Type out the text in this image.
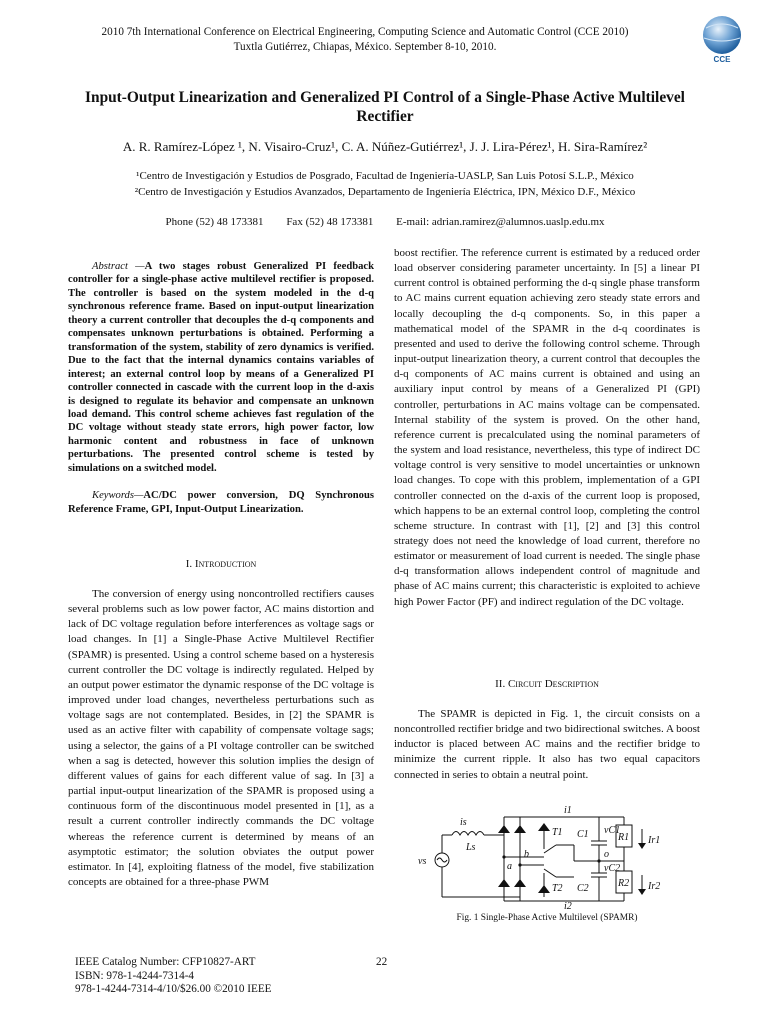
2010 7th International Conference on Electrical Engineering, Computing Science and Automatic Control (CCE 2010)
Tuxtla Gutiérrez, Chiapas, México. September 8-10, 2010.
CCE
Input-Output Linearization and Generalized PI Control of a Single-Phase Active Multilevel Rectifier
A. R. Ramírez-López ¹, N. Visairo-Cruz¹, C. A. Núñez-Gutiérrez¹, J. J. Lira-Pérez¹, H. Sira-Ramírez²
¹Centro de Investigación y Estudios de Posgrado, Facultad de Ingeniería-UASLP, San Luis Potosí S.L.P., México
²Centro de Investigación y Estudios Avanzados, Departamento de Ingeniería Eléctrica, IPN, México D.F., México
Phone (52) 48 173381 Fax (52) 48 173381 E-mail: adrian.ramirez@alumnos.uaslp.edu.mx

Abstract —A two stages robust Generalized PI feedback controller for a single-phase active multilevel rectifier is proposed. The controller is based on the system modeled in the d-q synchronous reference frame. Based on input-output linearization theory a current controller that decouples the d-q components and compensates unknown perturbations is obtained. Performing a transformation of the system, stability of zero dynamics is verified. Due to the fact that the internal dynamics contains variables of interest; an external control loop by means of a Generalized PI controller connected in cascade with the current loop in the d-axis is designed to regulate its behavior and compensate an unknown load demand. This control scheme achieves fast regulation of the DC voltage without steady state errors, high power factor, low harmonic content and robustness in face of unknown perturbations. The presented control scheme is tested by simulations on a switched model.

Keywords—AC/DC power conversion, DQ Synchronous Reference Frame, GPI, Input-Output Linearization.

I. Introduction

The conversion of energy using noncontrolled rectifiers causes several problems such as low power factor, AC mains distortion and lack of DC voltage regulation before interferences as voltage sags or load changes. In [1] a Single-Phase Active Multilevel Rectifier (SPAMR) is presented. Using a control scheme based on a hysteresis current controller the DC voltage is indirectly regulated. Helped by an output power estimator the dynamic response of the DC voltage is improved under load changes, nevertheless perturbations such as voltage sags are not contemplated. Besides, in [2] the SPAMR is used as an active filter with capability of compensate voltage sags; using a selector, the gains of a PI voltage controller can be switched when a sag is detected, however this solution implies the design of different values of gains for each different value of sag. In [3] a partial input-output linearization of the SPAMR is proposed using a continuous form of the discontinuous model presented in [1], as a result a current controller indirectly commands the DC voltage whereas the reference current is determined by means of an asymptotic estimator; the solution obviates the output power estimator. In [4], exploiting flatness of the model, five stabilization concepts are obtained for a three-phase PWM

boost rectifier. The reference current is estimated by a reduced order load observer considering parameter uncertainty. In [5] a linear PI current control is obtained performing the d-q single phase transform to AC mains current equation achieving zero steady state errors and locally decoupling the d-q components. So, in this paper a mathematical model of the SPAMR in the d-q coordinates is presented and used to derive the following control scheme. Through input-output linearization theory, a current control that decouples the d-q components of AC mains current is obtained and using an auxiliary input control by means of a Generalized PI (GPI) controller, perturbations in AC mains voltage can be compensated. Internal stability of the system is proved. On the other hand, reference current is precalculated using the nominal parameters of the system and load resistance, nevertheless, this type of indirect DC voltage control is very sensitive to model uncertainties or unknown load changes. To cope with this problem, implementation of a GPI controller connected on the d-axis of the current loop is proposed, which happens to be an external control loop, completing the control scheme structure. In contrast with [1], [2] and [3] this control strategy does not need the knowledge of load current, therefore no estimator or measurement of load current is needed. The single phase d-q transformation allows independent control of magnitude and phase of AC mains current; this characteristic is exploited to achieve high Power Factor (PF) and indirect regulation of the DC voltage.

II. Circuit Description

The SPAMR is depicted in Fig. 1, the circuit consists on a noncontrolled rectifier bridge and two bidirectional switches. A boost inductor is placed between AC mains and the rectifier bridge to minimize the current ripple. It also has two equal capacitors connected in series to obtain a neutral point.

is
Ls
vs	a
b
T1
T2
C1
C2
vC1
vC2
o
R1
R2
i1
i2
Ir1
Ir2
Fig. 1 Single-Phase Active Multilevel (SPAMR)
IEEE Catalog Number: CFP10827-ART
ISBN: 978-1-4244-7314-4
978-1-4244-7314-4/10/$26.00 ©2010 IEEE
22
